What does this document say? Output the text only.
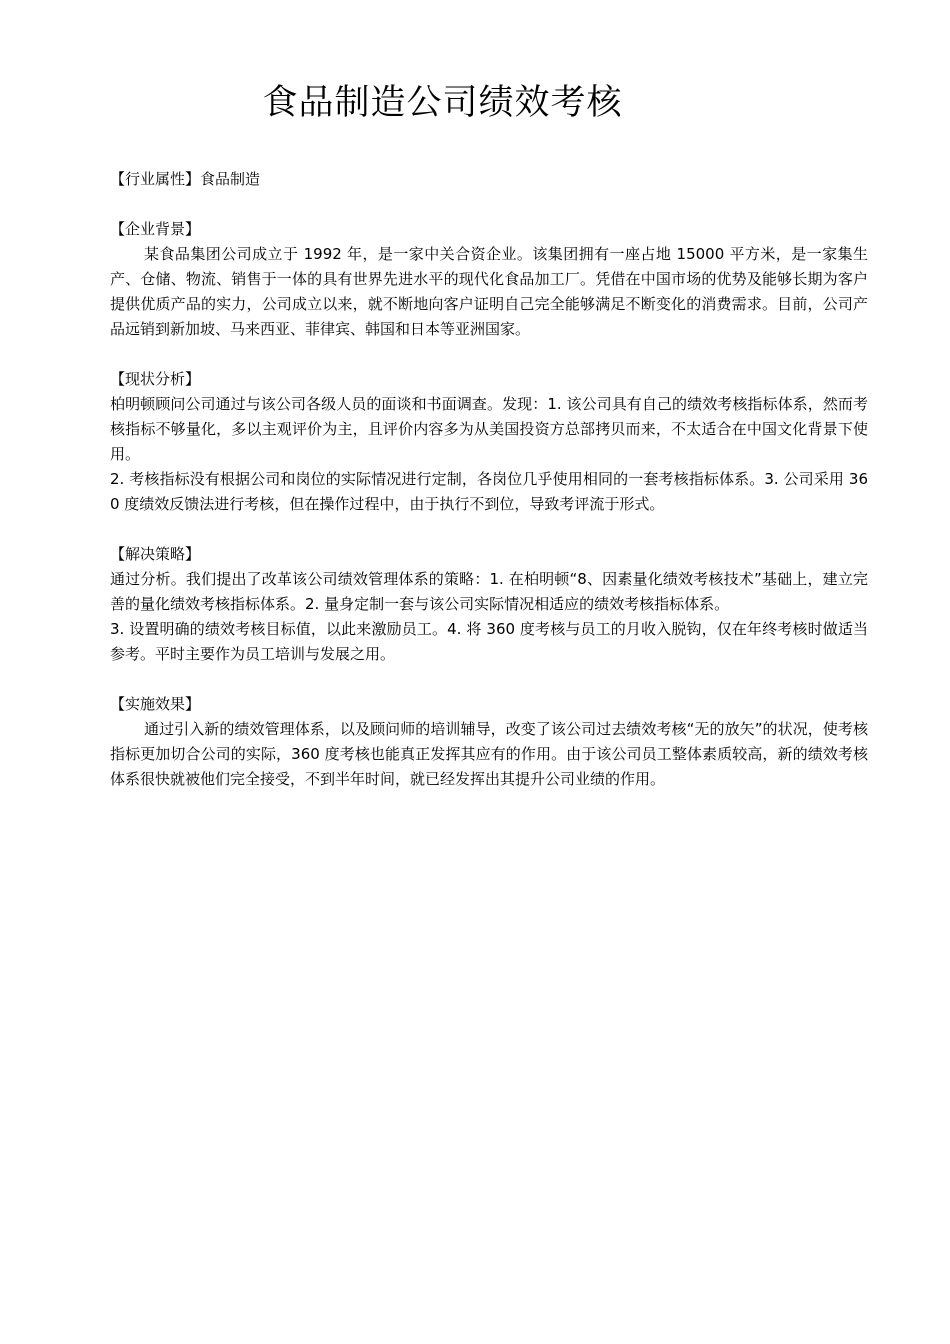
食品制造公司绩效考核
【行业属性】食品制造
【企业背景】

某食品集团公司成立于 1992 年，是一家中关合资企业。该集团拥有一座占地 15000 平方米，是一家集生产、仓储、物流、销售于一体的具有世界先进水平的现代化食品加工厂。凭借在中国市场的优势及能够长期为客户提供优质产品的实力，公司成立以来，就不断地向客户证明自己完全能够满足不断变化的消费需求。目前，公司产品远销到新加坡、马来西亚、菲律宾、韩国和日本等亚洲国家。

【现状分析】

柏明顿顾问公司通过与该公司各级人员的面谈和书面调查。发现：1. 该公司具有自己的绩效考核指标体系，然而考核指标不够量化，多以主观评价为主，且评价内容多为从美国投资方总部拷贝而来，不太适合在中国文化背景下使用。

2. 考核指标没有根据公司和岗位的实际情况进行定制，各岗位几乎使用相同的一套考核指标体系。3. 公司采用 360 度绩效反馈法进行考核，但在操作过程中，由于执行不到位，导致考评流于形式。

【解决策略】

通过分析。我们提出了改革该公司绩效管理体系的策略：1. 在柏明顿“8、因素量化绩效考核技术”基础上，建立完善的量化绩效考核指标体系。2. 量身定制一套与该公司实际情况相适应的绩效考核指标体系。

3. 设置明确的绩效考核目标值，以此来激励员工。4. 将 360 度考核与员工的月收入脱钩，仅在年终考核时做适当参考。平时主要作为员工培训与发展之用。

【实施效果】

通过引入新的绩效管理体系，以及顾问师的培训辅导，改变了该公司过去绩效考核“无的放矢”的状况，使考核指标更加切合公司的实际，360 度考核也能真正发挥其应有的作用。由于该公司员工整体素质较高，新的绩效考核体系很快就被他们完全接受，不到半年时间，就已经发挥出其提升公司业绩的作用。
